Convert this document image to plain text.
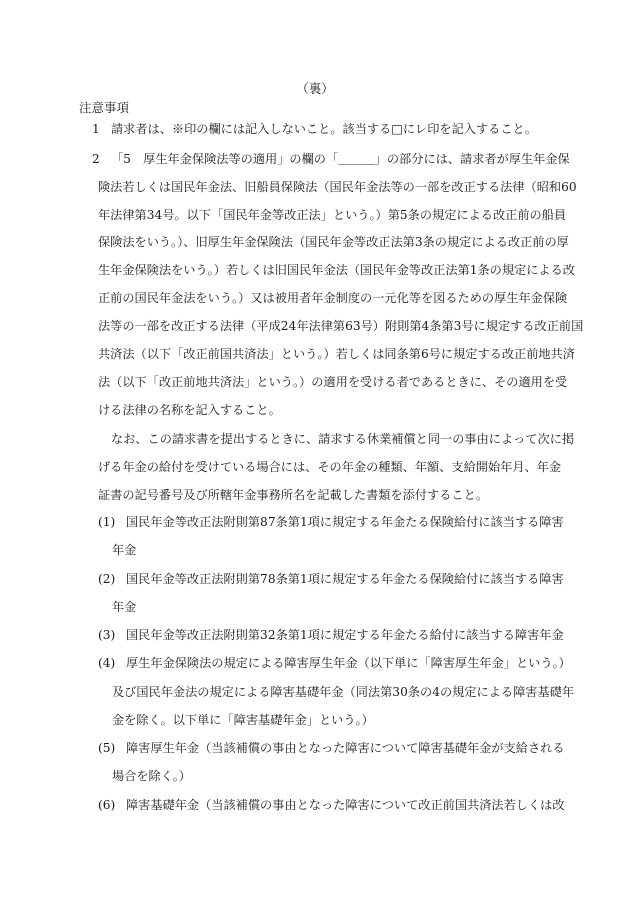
（裏）
注意事項
1 請求者は、※印の欄には記入しないこと。該当する□にレ印を記入すること。
2 「5　厚生年金保険法等の適用」の欄の「＿＿＿」の部分には、請求者が厚生年金保
険法若しくは国民年金法、旧船員保険法（国民年金法等の一部を改正する法律（昭和60
年法律第34号。以下「国民年金等改正法」という。）第5条の規定による改正前の船員
保険法をいう。）、旧厚生年金保険法（国民年金等改正法第3条の規定による改正前の厚
生年金保険法をいう。）若しくは旧国民年金法（国民年金等改正法第1条の規定による改
正前の国民年金法をいう。）又は被用者年金制度の一元化等を図るための厚生年金保険
法等の一部を改正する法律（平成24年法律第63号）附則第4条第3号に規定する改正前国
共済法（以下「改正前国共済法」という。）若しくは同条第6号に規定する改正前地共済
法（以下「改正前地共済法」という。）の適用を受ける者であるときに、その適用を受
ける法律の名称を記入すること。
なお、この請求書を提出するときに、請求する休業補償と同一の事由によって次に掲
げる年金の給付を受けている場合には、その年金の種類、年額、支給開始年月、年金
証書の記号番号及び所轄年金事務所名を記載した書類を添付すること。
(1) 国民年金等改正法附則第87条第1項に規定する年金たる保険給付に該当する障害
年金
(2) 国民年金等改正法附則第78条第1項に規定する年金たる保険給付に該当する障害
年金
(3) 国民年金等改正法附則第32条第1項に規定する年金たる給付に該当する障害年金
(4) 厚生年金保険法の規定による障害厚生年金（以下単に「障害厚生年金」という。）
及び国民年金法の規定による障害基礎年金（同法第30条の4の規定による障害基礎年
金を除く。以下単に「障害基礎年金」という。）
(5) 障害厚生年金（当該補償の事由となった障害について障害基礎年金が支給される
場合を除く。）
(6) 障害基礎年金（当該補償の事由となった障害について改正前国共済法若しくは改
